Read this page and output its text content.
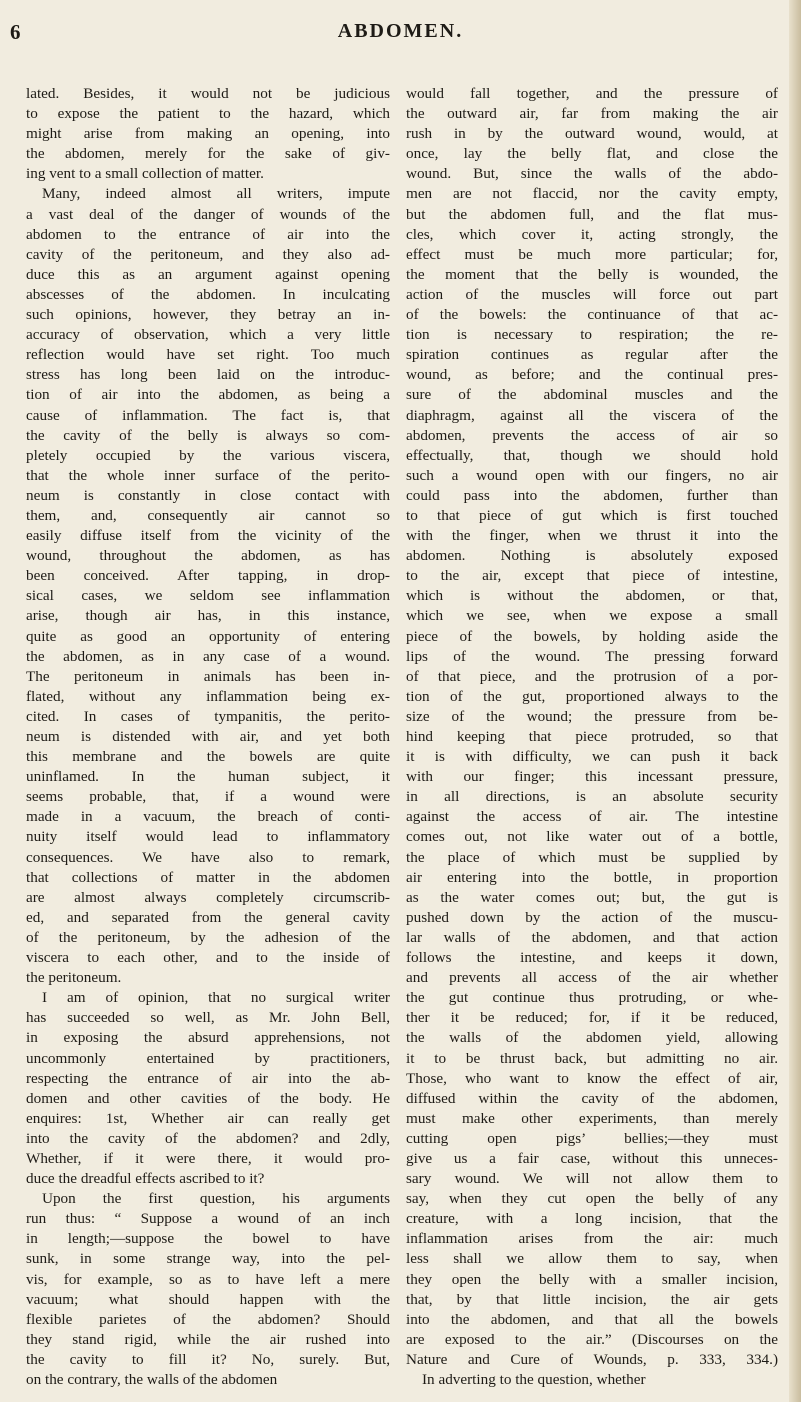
6	ABDOMEN.
lated. Besides, it would not be judicious
to expose the patient to the hazard, which
might arise from making an opening, into
the abdomen, merely for the sake of giv-
ing vent to a small collection of matter.
Many, indeed almost all writers, impute
a vast deal of the danger of wounds of the
abdomen to the entrance of air into the
cavity of the peritoneum, and they also ad-
duce this as an argument against opening
abscesses of the abdomen. In inculcating
such opinions, however, they betray an in-
accuracy of observation, which a very little
reflection would have set right. Too much
stress has long been laid on the introduc-
tion of air into the abdomen, as being a
cause of inflammation. The fact is, that
the cavity of the belly is always so com-
pletely occupied by the various viscera,
that the whole inner surface of the perito-
neum is constantly in close contact with
them, and, consequently air cannot so
easily diffuse itself from the vicinity of the
wound, throughout the abdomen, as has
been conceived. After tapping, in drop-
sical cases, we seldom see inflammation
arise, though air has, in this instance,
quite as good an opportunity of entering
the abdomen, as in any case of a wound.
The peritoneum in animals has been in-
flated, without any inflammation being ex-
cited. In cases of tympanitis, the perito-
neum is distended with air, and yet both
this membrane and the bowels are quite
uninflamed. In the human subject, it
seems probable, that, if a wound were
made in a vacuum, the breach of conti-
nuity itself would lead to inflammatory
consequences. We have also to remark,
that collections of matter in the abdomen
are almost always completely circumscrib-
ed, and separated from the general cavity
of the peritoneum, by the adhesion of the
viscera to each other, and to the inside of
the peritoneum.
I am of opinion, that no surgical writer
has succeeded so well, as Mr. John Bell,
in exposing the absurd apprehensions, not
uncommonly entertained by practitioners,
respecting the entrance of air into the ab-
domen and other cavities of the body. He
enquires: 1st, Whether air can really get
into the cavity of the abdomen? and 2dly,
Whether, if it were there, it would pro-
duce the dreadful effects ascribed to it?
Upon the first question, his arguments
run thus: “ Suppose a wound of an inch
in length;—suppose the bowel to have
sunk, in some strange way, into the pel-
vis, for example, so as to have left a mere
vacuum; what should happen with the
flexible parietes of the abdomen? Should
they stand rigid, while the air rushed into
the cavity to fill it? No, surely. But,
on the contrary, the walls of the abdomen
would fall together, and the pressure of
the outward air, far from making the air
rush in by the outward wound, would, at
once, lay the belly flat, and close the
wound. But, since the walls of the abdo-
men are not flaccid, nor the cavity empty,
but the abdomen full, and the flat mus-
cles, which cover it, acting strongly, the
effect must be much more particular; for,
the moment that the belly is wounded, the
action of the muscles will force out part
of the bowels: the continuance of that ac-
tion is necessary to respiration; the re-
spiration continues as regular after the
wound, as before; and the continual pres-
sure of the abdominal muscles and the
diaphragm, against all the viscera of the
abdomen, prevents the access of air so
effectually, that, though we should hold
such a wound open with our fingers, no air
could pass into the abdomen, further than
to that piece of gut which is first touched
with the finger, when we thrust it into the
abdomen. Nothing is absolutely exposed
to the air, except that piece of intestine,
which is without the abdomen, or that,
which we see, when we expose a small
piece of the bowels, by holding aside the
lips of the wound. The pressing forward
of that piece, and the protrusion of a por-
tion of the gut, proportioned always to the
size of the wound; the pressure from be-
hind keeping that piece protruded, so that
it is with difficulty, we can push it back
with our finger; this incessant pressure,
in all directions, is an absolute security
against the access of air. The intestine
comes out, not like water out of a bottle,
the place of which must be supplied by
air entering into the bottle, in proportion
as the water comes out; but, the gut is
pushed down by the action of the muscu-
lar walls of the abdomen, and that action
follows the intestine, and keeps it down,
and prevents all access of the air whether
the gut continue thus protruding, or whe-
ther it be reduced; for, if it be reduced,
the walls of the abdomen yield, allowing
it to be thrust back, but admitting no air.
Those, who want to know the effect of air,
diffused within the cavity of the abdomen,
must make other experiments, than merely
cutting open pigs’ bellies;—they must
give us a fair case, without this unneces-
sary wound. We will not allow them to
say, when they cut open the belly of any
creature, with a long incision, that the
inflammation arises from the air: much
less shall we allow them to say, when
they open the belly with a smaller incision,
that, by that little incision, the air gets
into the abdomen, and that all the bowels
are exposed to the air.” (Discourses on the
Nature and Cure of Wounds, p. 333, 334.)
In adverting to the question, whether
